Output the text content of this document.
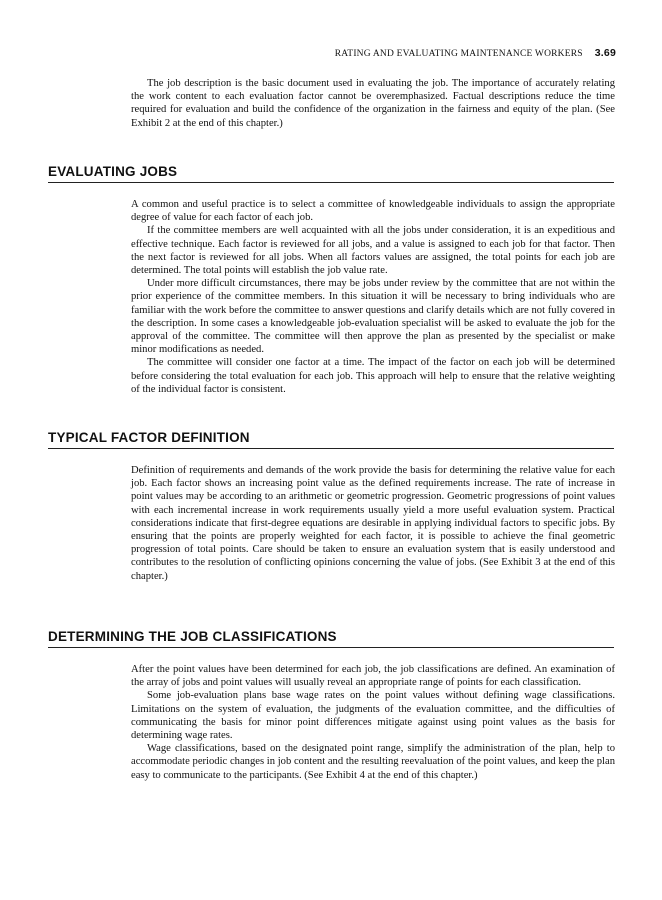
RATING AND EVALUATING MAINTENANCE WORKERS 3.69

The job description is the basic document used in evaluating the job. The importance of accurately relating the work content to each evaluation factor cannot be overemphasized. Factual descriptions reduce the time required for evaluation and build the confidence of the organization in the fairness and equity of the plan. (See Exhibit 2 at the end of this chapter.)

EVALUATING JOBS

A common and useful practice is to select a committee of knowledgeable individuals to assign the appropriate degree of value for each factor of each job.

If the committee members are well acquainted with all the jobs under consideration, it is an expeditious and effective technique. Each factor is reviewed for all jobs, and a value is assigned to each job for that factor. Then the next factor is reviewed for all jobs. When all factors values are assigned, the total points for each job are determined. The total points will establish the job value rate.

Under more difficult circumstances, there may be jobs under review by the committee that are not within the prior experience of the committee members. In this situation it will be necessary to bring individuals who are familiar with the work before the committee to answer questions and clarify details which are not fully covered in the description. In some cases a knowledgeable job-evaluation specialist will be asked to evaluate the job for the approval of the committee. The committee will then approve the plan as presented by the specialist or make minor modifications as needed.

The committee will consider one factor at a time. The impact of the factor on each job will be determined before considering the total evaluation for each job. This approach will help to ensure that the relative weighting of the individual factor is consistent.

TYPICAL FACTOR DEFINITION

Definition of requirements and demands of the work provide the basis for determining the relative value for each job. Each factor shows an increasing point value as the defined requirements increase. The rate of increase in point values may be according to an arithmetic or geometric progression. Geometric progressions of point values with each incremental increase in work requirements usually yield a more useful evaluation system. Practical considerations indicate that first-degree equations are desirable in applying individual factors to specific jobs. By ensuring that the points are properly weighted for each factor, it is possible to achieve the final geometric progression of total points. Care should be taken to ensure an evaluation system that is easily understood and contributes to the resolution of conflicting opinions concerning the value of jobs. (See Exhibit 3 at the end of this chapter.)

DETERMINING THE JOB CLASSIFICATIONS

After the point values have been determined for each job, the job classifications are defined. An examination of the array of jobs and point values will usually reveal an appropriate range of points for each classification.

Some job-evaluation plans base wage rates on the point values without defining wage classifications. Limitations on the system of evaluation, the judgments of the evaluation committee, and the difficulties of communicating the basis for minor point differences mitigate against using point values as the basis for determining wage rates.

Wage classifications, based on the designated point range, simplify the administration of the plan, help to accommodate periodic changes in job content and the resulting reevaluation of the point values, and keep the plan easy to communicate to the participants. (See Exhibit 4 at the end of this chapter.)
